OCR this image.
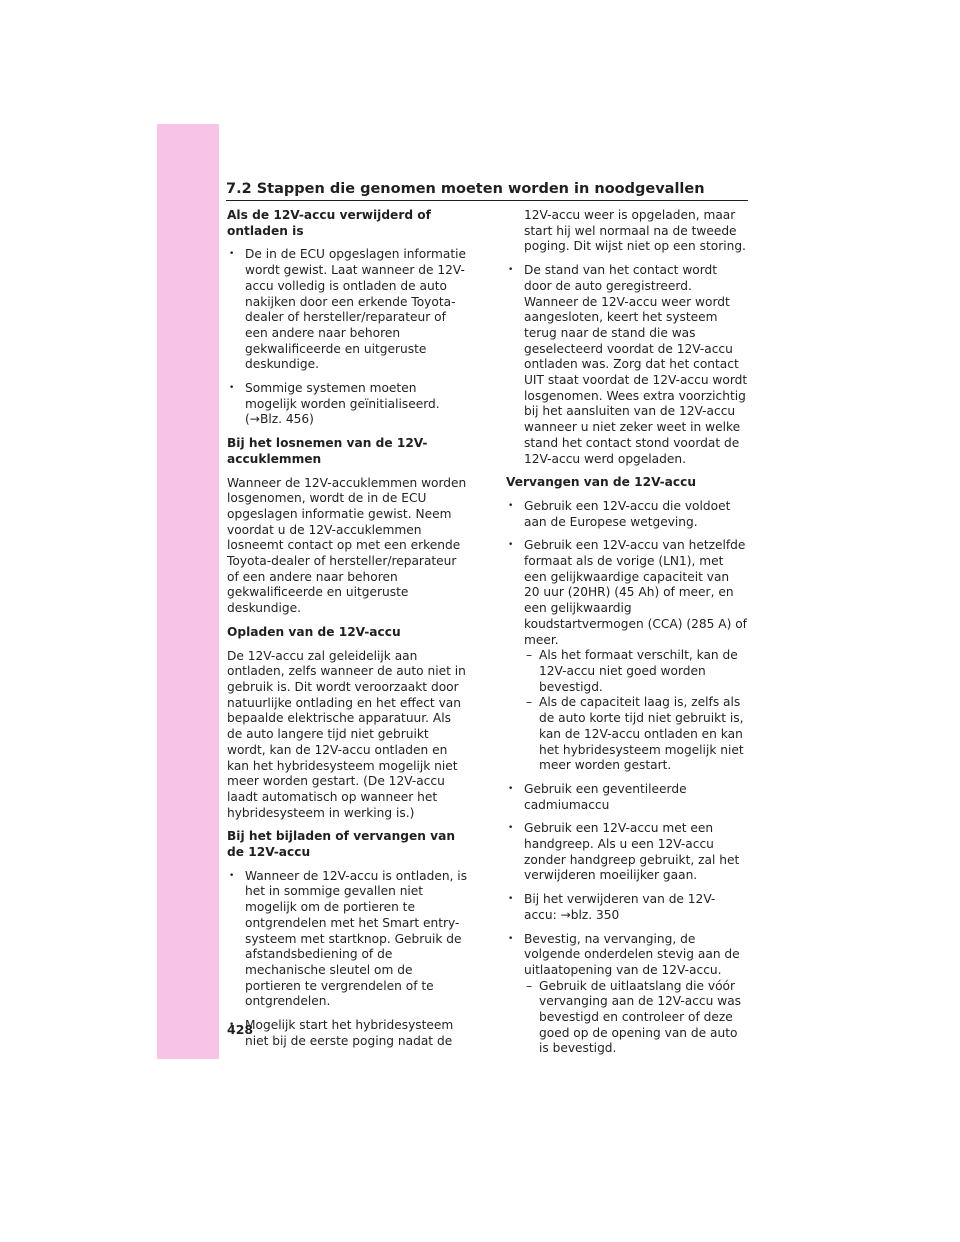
7.2 Stappen die genomen moeten worden in noodgevallen
Als de 12V-accu verwijderd of ontladen is
• De in de ECU opgeslagen informatie wordt gewist. Laat wanneer de 12V-accu volledig is ontladen de auto nakijken door een erkende Toyota-dealer of hersteller/reparateur of een andere naar behoren gekwalificeerde en uitgeruste deskundige.
• Sommige systemen moeten mogelijk worden geïnitialiseerd. (→Blz. 456)
Bij het losnemen van de 12V-accuklemmen

Wanneer de 12V-accuklemmen worden losgenomen, wordt de in de ECU opgeslagen informatie gewist. Neem voordat u de 12V-accuklemmen losneemt contact op met een erkende Toyota-dealer of hersteller/reparateur of een andere naar behoren gekwalificeerde en uitgeruste deskundige.

Opladen van de 12V-accu

De 12V-accu zal geleidelijk aan ontladen, zelfs wanneer de auto niet in gebruik is. Dit wordt veroorzaakt door natuurlijke ontlading en het effect van bepaalde elektrische apparatuur. Als de auto langere tijd niet gebruikt wordt, kan de 12V-accu ontladen en kan het hybridesysteem mogelijk niet meer worden gestart. (De 12V-accu laadt automatisch op wanneer het hybridesysteem in werking is.)

Bij het bijladen of vervangen van de 12V-accu
• Wanneer de 12V-accu is ontladen, is het in sommige gevallen niet mogelijk om de portieren te ontgrendelen met het Smart entry-systeem met startknop. Gebruik de afstandsbediening of de mechanische sleutel om de portieren te vergrendelen of te ontgrendelen.
• Mogelijk start het hybridesysteem niet bij de eerste poging nadat de

12V-accu weer is opgeladen, maar start hij wel normaal na de tweede poging. Dit wijst niet op een storing.

• De stand van het contact wordt door de auto geregistreerd. Wanneer de 12V-accu weer wordt aangesloten, keert het systeem terug naar de stand die was geselecteerd voordat de 12V-accu ontladen was. Zorg dat het contact UIT staat voordat de 12V-accu wordt losgenomen. Wees extra voorzichtig bij het aansluiten van de 12V-accu wanneer u niet zeker weet in welke stand het contact stond voordat de 12V-accu werd opgeladen.
Vervangen van de 12V-accu
• Gebruik een 12V-accu die voldoet aan de Europese wetgeving.
• Gebruik een 12V-accu van hetzelfde formaat als de vorige (LN1), met een gelijkwaardige capaciteit van 20 uur (20HR) (45 Ah) of meer, en een gelijkwaardig koudstartvermogen (CCA) (285 A) of meer.
– Als het formaat verschilt, kan de 12V-accu niet goed worden bevestigd.
– Als de capaciteit laag is, zelfs als de auto korte tijd niet gebruikt is, kan de 12V-accu ontladen en kan het hybridesysteem mogelijk niet meer worden gestart.
• Gebruik een geventileerde cadmiumaccu
• Gebruik een 12V-accu met een handgreep. Als u een 12V-accu zonder handgreep gebruikt, zal het verwijderen moeilijker gaan.
• Bij het verwijderen van de 12V-accu: →blz. 350
• Bevestig, na vervanging, de volgende onderdelen stevig aan de uitlaatopening van de 12V-accu.
– Gebruik de uitlaatslang die vóór vervanging aan de 12V-accu was bevestigd en controleer of deze goed op de opening van de auto is bevestigd.
428
